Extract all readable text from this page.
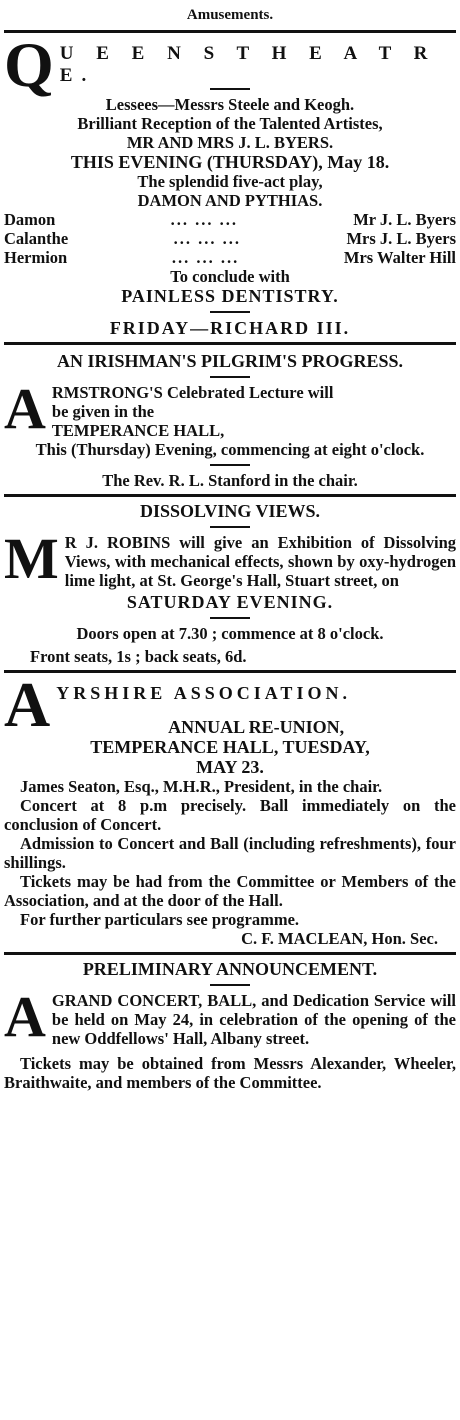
Amusements.
Q U E E N S T H E A T R E.
Lessees—Messrs Steele and Keogh.
Brilliant Reception of the Talented Artistes,
MR AND MRS J. L. BYERS.
THIS EVENING (THURSDAY), May 18.
The splendid five-act play,
DAMON AND PYTHIAS.
Damon	... ... ...	Mr J. L. Byers
Calanthe	... ... ...	Mrs J. L. Byers
Hermion	... ... ...	Mrs Walter Hill
To conclude with
PAINLESS DENTISTRY.
FRIDAY—RICHARD III.
AN IRISHMAN'S PILGRIM'S PROGRESS.
A RMSTRONG'S Celebrated Lecture will
be given in the
TEMPERANCE HALL,
This (Thursday) Evening, commencing at eight o'clock.
The Rev. R. L. Stanford in the chair.
DISSOLVING VIEWS.
M R J. ROBINS will give an Exhibition of Dissolving Views, with mechanical effects, shown by oxy-hydrogen lime light, at St. George's Hall, Stuart street, on
SATURDAY EVENING.
Doors open at 7.30 ; commence at 8 o'clock.
Front seats, 1s ; back seats, 6d.
A YRSHIRE ASSOCIATION.
ANNUAL RE-UNION,
TEMPERANCE HALL, TUESDAY,
MAY 23.
James Seaton, Esq., M.H.R., President, in the chair.
Concert at 8 p.m precisely. Ball immediately on the conclusion of Concert.
Admission to Concert and Ball (including refreshments), four shillings.
Tickets may be had from the Committee or Members of the Association, and at the door of the Hall.
For further particulars see programme.
C. F. MACLEAN, Hon. Sec.
PRELIMINARY ANNOUNCEMENT.
A GRAND CONCERT, BALL, and Dedication Service will be held on May 24, in celebration of the opening of the new Oddfellows' Hall, Albany street.
Tickets may be obtained from Messrs Alexander, Wheeler, Braithwaite, and members of the Committee.
